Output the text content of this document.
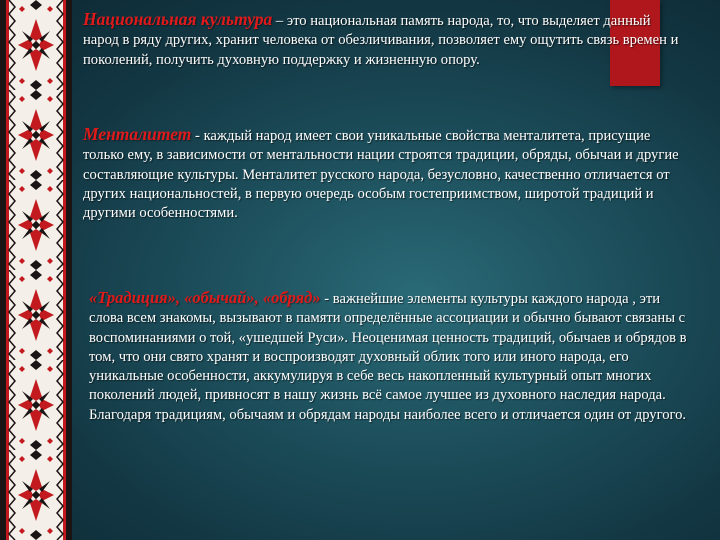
Национальная культура – это национальная память народа, то, что выделяет данный народ в ряду других, хранит человека от обезличивания, позволяет ему ощутить связь времен и поколений, получить духовную поддержку и жизненную опору.

Менталитет - каждый народ имеет свои уникальные свойства менталитета, присущие только ему, в зависимости от ментальности нации строятся традиции, обряды, обычаи и другие составляющие культуры. Менталитет русского народа, безусловно, качественно отличается от других национальностей, в первую очередь особым гостеприимством, широтой традиций и другими особенностями.

«Традиция», «обычай», «обряд» - важнейшие элементы культуры каждого народа , эти слова всем знакомы, вызывают в памяти определённые ассоциации и обычно бывают связаны с воспоминаниями о той, «ушедшей Руси». Неоценимая ценность традиций, обычаев и обрядов в том, что они свято хранят и воспроизводят духовный облик того или иного народа, его уникальные особенности, аккумулируя в себе весь накопленный культурный опыт многих поколений людей, привносят в нашу жизнь всё самое лучшее из духовного наследия народа. Благодаря традициям, обычаям и обрядам народы наиболее всего и отличается один от другого.
